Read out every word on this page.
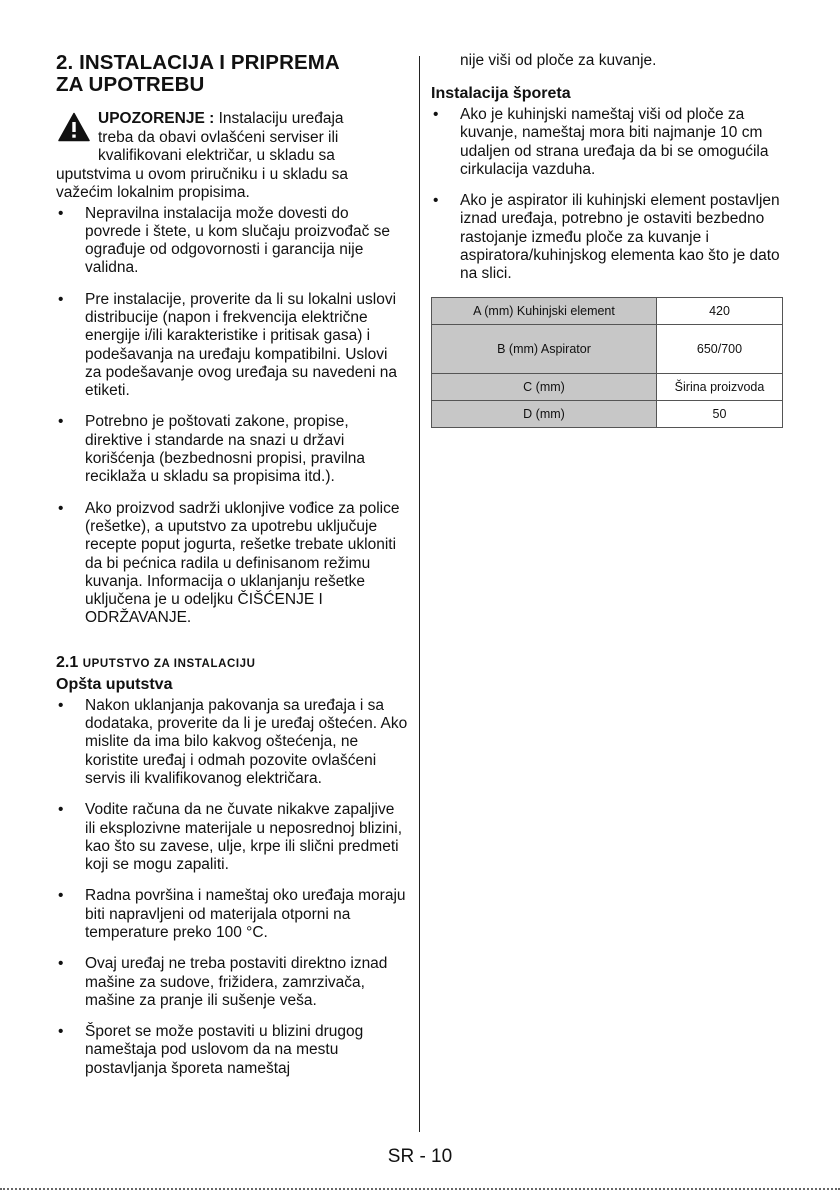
2. INSTALACIJA I PRIPREMA
ZA UPOTREBU
UPOZORENJE : Instalaciju uređaja
treba da obavi ovlašćeni serviser ili
kvalifikovani električar, u skladu sa
uputstvima u ovom priručniku i u skladu sa
važećim lokalnim propisima.
• Nepravilna instalacija može dovesti do povrede i štete, u kom slučaju proizvođač se ograđuje od odgovornosti i garancija nije validna.
• Pre instalacije, proverite da li su lokalni uslovi distribucije (napon i frekvencija električne energije i/ili karakteristike i pritisak gasa) i podešavanja na uređaju kompatibilni. Uslovi za podešavanje ovog uređaja su navedeni na etiketi.
• Potrebno je poštovati zakone, propise, direktive i standarde na snazi u državi korišćenja (bezbednosni propisi, pravilna reciklaža u skladu sa propisima itd.).
• Ako proizvod sadrži uklonjive vođice za police (rešetke), a uputstvo za upotrebu uključuje recepte poput jogurta, rešetke trebate ukloniti da bi pećnica radila u definisanom režimu kuvanja. Informacija o uklanjanju rešetke uključena je u odeljku ČIŠĆENJE I ODRŽAVANJE.
2.1 UPUTSTVO ZA INSTALACIJU
Opšta uputstva
• Nakon uklanjanja pakovanja sa uređaja i sa dodataka, proverite da li je uređaj oštećen. Ako mislite da ima bilo kakvog oštećenja, ne koristite uređaj i odmah pozovite ovlašćeni servis ili kvalifikovanog električara.
• Vodite računa da ne čuvate nikakve zapaljive ili eksplozivne materijale u neposrednoj blizini, kao što su zavese, ulje, krpe ili slični predmeti koji se mogu zapaliti.
• Radna površina i nameštaj oko uređaja moraju biti napravljeni od materijala otporni na temperature preko 100 °C.
• Ovaj uređaj ne treba postaviti direktno iznad mašine za sudove, frižidera, zamrzivača, mašine za pranje ili sušenje veša.
• Šporet se može postaviti u blizini drugog nameštaja pod uslovom da na mestu postavljanja šporeta nameštaj
nije viši od ploče za kuvanje.
Instalacija šporeta
• Ako je kuhinjski nameštaj viši od ploče za kuvanje, nameštaj mora biti najmanje 10 cm udaljen od strana uređaja da bi se omogućila cirkulacija vazduha.
• Ako je aspirator ili kuhinjski element postavljen iznad uređaja, potrebno je ostaviti bezbedno rastojanje između ploče za kuvanje i aspiratora/kuhinjskog elementa kao što je dato na slici.
A (mm) Kuhinjski element	420
B (mm) Aspirator	650/700
C (mm)	Širina proizvoda
D (mm)	50
SR - 10
